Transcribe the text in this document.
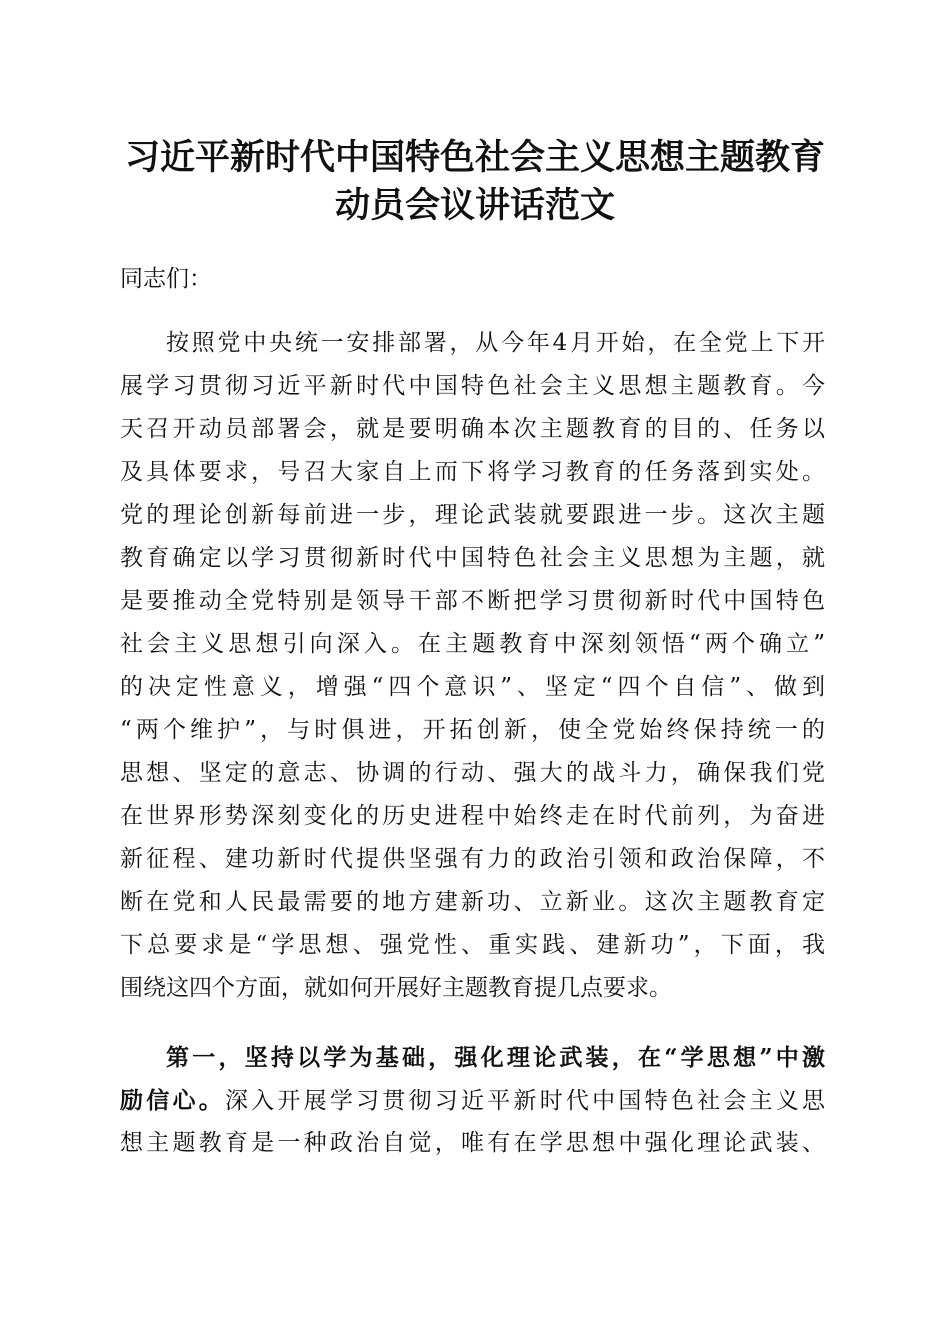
习近平新时代中国特色社会主义思想主题教育
动员会议讲话范文
同志们：
按照党中央统一安排部署，从今年4月开始，在全党上下开
展学习贯彻习近平新时代中国特色社会主义思想主题教育。今
天召开动员部署会，就是要明确本次主题教育的目的、任务以
及具体要求，号召大家自上而下将学习教育的任务落到实处。
党的理论创新每前进一步，理论武装就要跟进一步。这次主题
教育确定以学习贯彻新时代中国特色社会主义思想为主题，就
是要推动全党特别是领导干部不断把学习贯彻新时代中国特色
社会主义思想引向深入。在主题教育中深刻领悟“两个确立”
的决定性意义，增强“四个意识”、坚定“四个自信”、做到
“两个维护”，与时俱进，开拓创新，使全党始终保持统一的
思想、坚定的意志、协调的行动、强大的战斗力，确保我们党
在世界形势深刻变化的历史进程中始终走在时代前列，为奋进
新征程、建功新时代提供坚强有力的政治引领和政治保障，不
断在党和人民最需要的地方建新功、立新业。这次主题教育定
下总要求是“学思想、强党性、重实践、建新功”，下面，我
围绕这四个方面，就如何开展好主题教育提几点要求。
第一，坚持以学为基础，强化理论武装，在“学思想”中激
励信心。深入开展学习贯彻习近平新时代中国特色社会主义思
想主题教育是一种政治自觉，唯有在学思想中强化理论武装、
